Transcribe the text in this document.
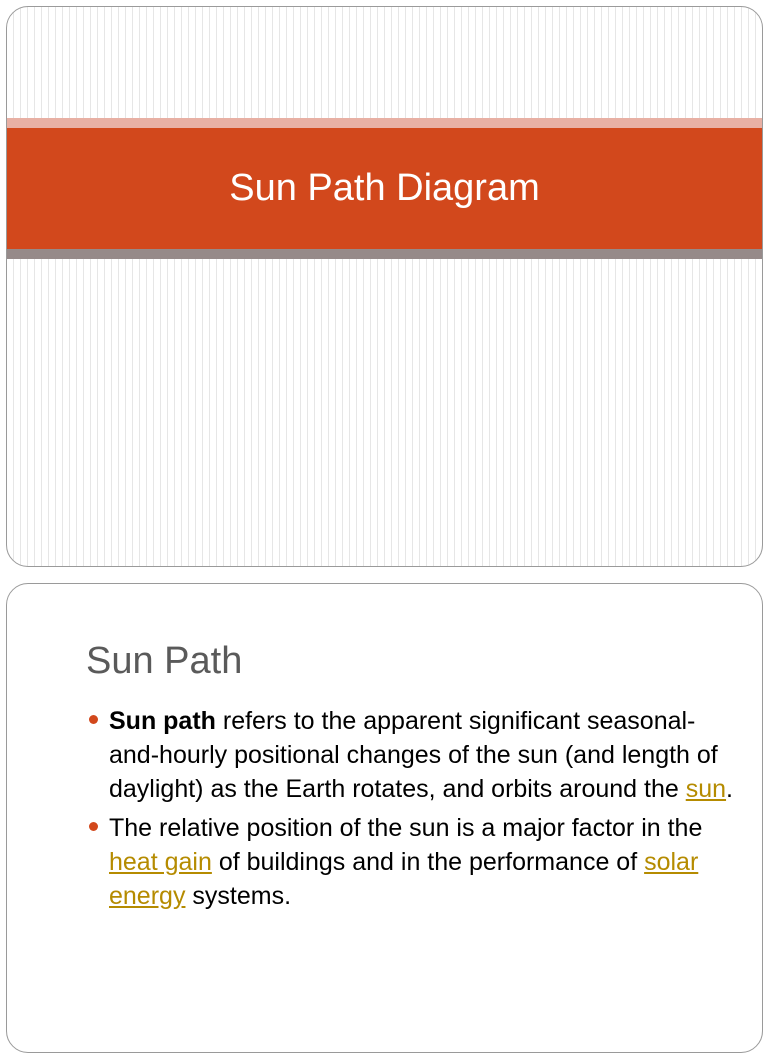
Sun Path Diagram
Sun Path
Sun path refers to the apparent significant seasonal-and-hourly positional changes of the sun (and length of daylight) as the Earth rotates, and orbits around the sun.
The relative position of the sun is a major factor in the heat gain of buildings and in the performance of solar energy systems.
